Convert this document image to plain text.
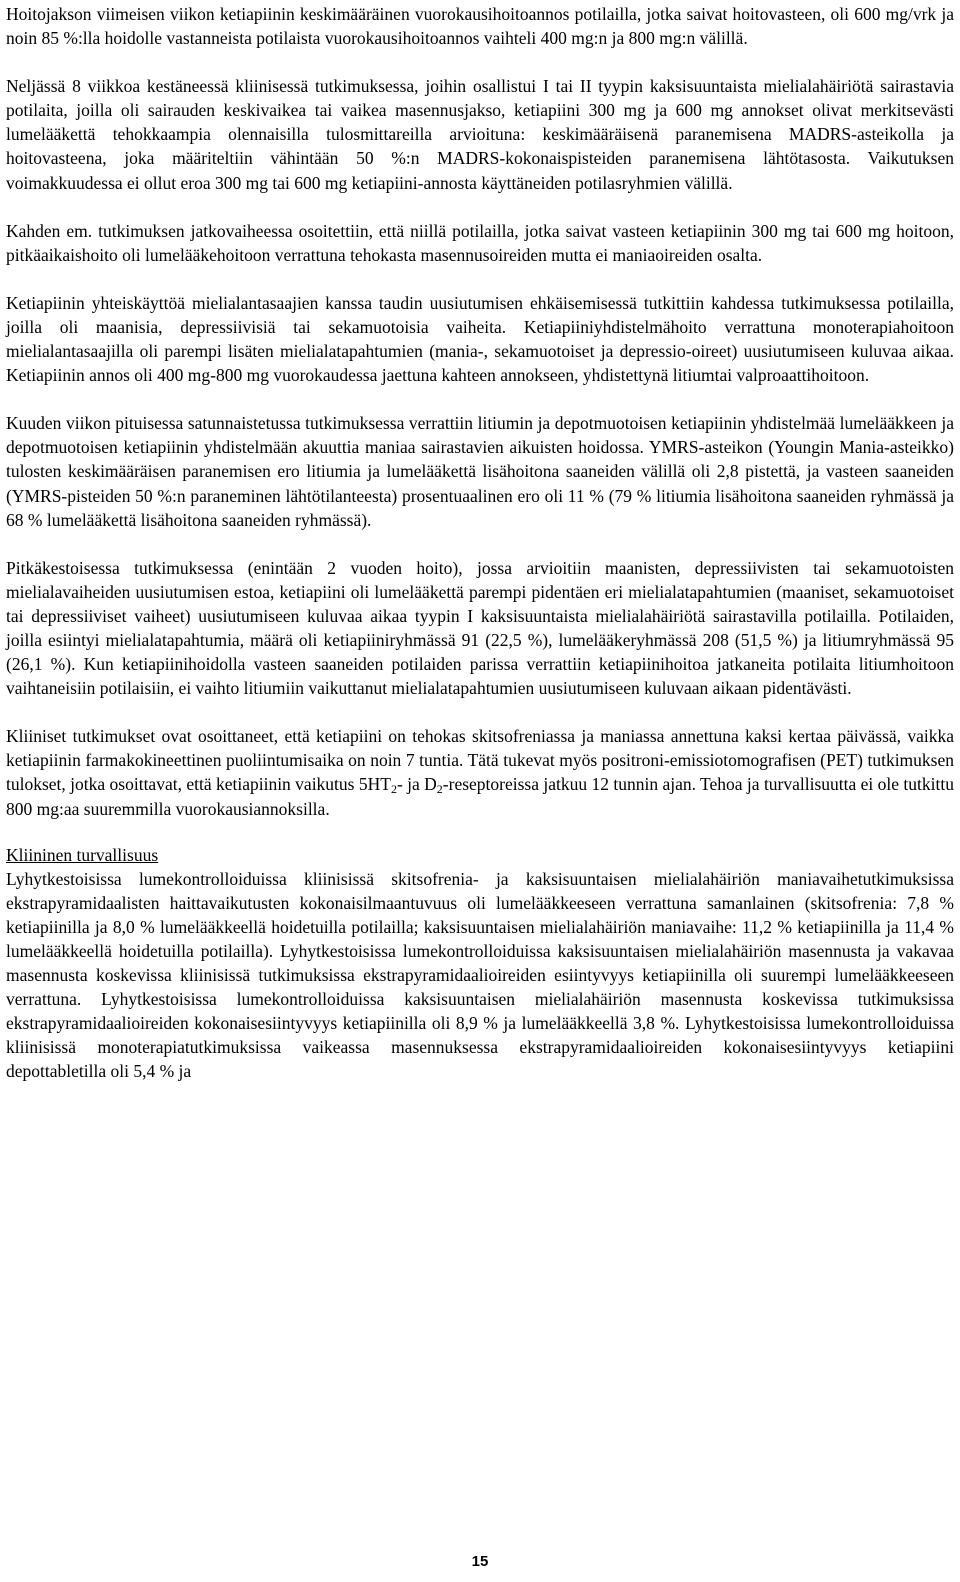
Hoitojakson viimeisen viikon ketiapiinin keskimääräinen vuorokausihoitoannos potilailla, jotka saivat hoitovasteen, oli 600 mg/vrk ja noin 85 %:lla hoidolle vastanneista potilaista vuorokausihoitoannos vaihteli 400 mg:n ja 800 mg:n välillä.

Neljässä 8 viikkoa kestäneessä kliinisessä tutkimuksessa, joihin osallistui I tai II tyypin kaksisuuntaista mielialahäiriötä sairastavia potilaita, joilla oli sairauden keskivaikea tai vaikea masennusjakso, ketiapiini 300 mg ja 600 mg annokset olivat merkitsevästi lumelääkettä tehokkaampia olennaisilla tulosmittareilla arvioituna: keskimääräisenä paranemisena MADRS-asteikolla ja hoitovasteena, joka määriteltiin vähintään 50 %:n MADRS-kokonaispisteiden paranemisena lähtötasosta. Vaikutuksen voimakkuudessa ei ollut eroa 300 mg tai 600 mg ketiapiini-annosta käyttäneiden potilasryhmien välillä.

Kahden em. tutkimuksen jatkovaiheessa osoitettiin, että niillä potilailla, jotka saivat vasteen ketiapiinin 300 mg tai 600 mg hoitoon, pitkäaikaishoito oli lumelääkehoitoon verrattuna tehokasta masennusoireiden mutta ei maniaoireiden osalta.

Ketiapiinin yhteiskäyttöä mielialantasaajien kanssa taudin uusiutumisen ehkäisemisessä tutkittiin kahdessa tutkimuksessa potilailla, joilla oli maanisia, depressiivisiä tai sekamuotoisia vaiheita. Ketiapiiniyhdistelmähoito verrattuna monoterapiahoitoon mielialantasaajilla oli parempi lisäten mielialatapahtumien (mania-, sekamuotoiset ja depressio-oireet) uusiutumiseen kuluvaa aikaa. Ketiapiinin annos oli 400 mg-800 mg vuorokaudessa jaettuna kahteen annokseen, yhdistettynä litiumtai valproaattihoitoon.

Kuuden viikon pituisessa satunnaistetussa tutkimuksessa verrattiin litiumin ja depotmuotoisen ketiapiinin yhdistelmää lumelääkkeen ja depotmuotoisen ketiapiinin yhdistelmään akuuttia maniaa sairastavien aikuisten hoidossa. YMRS-asteikon (Youngin Mania-asteikko) tulosten keskimääräisen paranemisen ero litiumia ja lumelääkettä lisähoitona saaneiden välillä oli 2,8 pistettä, ja vasteen saaneiden (YMRS-pisteiden 50 %:n paraneminen lähtötilanteesta) prosentuaalinen ero oli 11 % (79 % litiumia lisähoitona saaneiden ryhmässä ja 68 % lumelääkettä lisähoitona saaneiden ryhmässä).

Pitkäkestoisessa tutkimuksessa (enintään 2 vuoden hoito), jossa arvioitiin maanisten, depressiivisten tai sekamuotoisten mielialavaiheiden uusiutumisen estoa, ketiapiini oli lumelääkettä parempi pidentäen eri mielialatapahtumien (maaniset, sekamuotoiset tai depressiiviset vaiheet) uusiutumiseen kuluvaa aikaa tyypin I kaksisuuntaista mielialahäiriötä sairastavilla potilailla. Potilaiden, joilla esiintyi mielialatapahtumia, määrä oli ketiapiiniryhmässä 91 (22,5 %), lumelääkeryhmässä 208 (51,5 %) ja litiumryhmässä 95 (26,1 %). Kun ketiapiinihoidolla vasteen saaneiden potilaiden parissa verrattiin ketiapiinihoitoa jatkaneita potilaita litiumhoitoon vaihtaneisiin potilaisiin, ei vaihto litiumiin vaikuttanut mielialatapahtumien uusiutumiseen kuluvaan aikaan pidentävästi.

Kliiniset tutkimukset ovat osoittaneet, että ketiapiini on tehokas skitsofreniassa ja maniassa annettuna kaksi kertaa päivässä, vaikka ketiapiinin farmakokineettinen puoliintumisaika on noin 7 tuntia. Tätä tukevat myös positroni-emissiotomografisen (PET) tutkimuksen tulokset, jotka osoittavat, että ketiapiinin vaikutus $5HT_2-$ ja $D_2$-reseptoreissa jatkuu 12 tunnin ajan. Tehoa ja turvallisuutta ei ole tutkittu 800 mg:aa suuremmilla vuorokausiannoksilla.

Kliininen turvallisuus

Lyhytkestoisissa lumekontrolloiduissa kliinisissä skitsofrenia- ja kaksisuuntaisen mielialahäiriön maniavaihetutkimuksissa ekstrapyramidaalisten haittavaikutusten kokonaisilmaantuvuus oli lumelääkkeeseen verrattuna samanlainen (skitsofrenia: 7,8 % ketiapiinilla ja 8,0 % lumelääkkeellä hoidetuilla potilailla; kaksisuuntaisen mielialahäiriön maniavaihe: 11,2 % ketiapiinilla ja 11,4 % lumelääkkeellä hoidetuilla potilailla). Lyhytkestoisissa lumekontrolloiduissa kaksisuuntaisen mielialahäiriön masennusta ja vakavaa masennusta koskevissa kliinisissä tutkimuksissa ekstrapyramidaalioireiden esiintyvyys ketiapiinilla oli suurempi lumelääkkeeseen verrattuna. Lyhytkestoisissa lumekontrolloiduissa kaksisuuntaisen mielialahäiriön masennusta koskevissa tutkimuksissa ekstrapyramidaalioireiden kokonaisesiintyvyys ketiapiinilla oli 8,9 % ja lumelääkkeellä 3,8 %. Lyhytkestoisissa lumekontrolloiduissa kliinisissä monoterapiatutkimuksissa vaikeassa masennuksessa ekstrapyramidaalioireiden kokonaisesiintyvyys ketiapiini depottabletilla oli 5,4 % ja

15
